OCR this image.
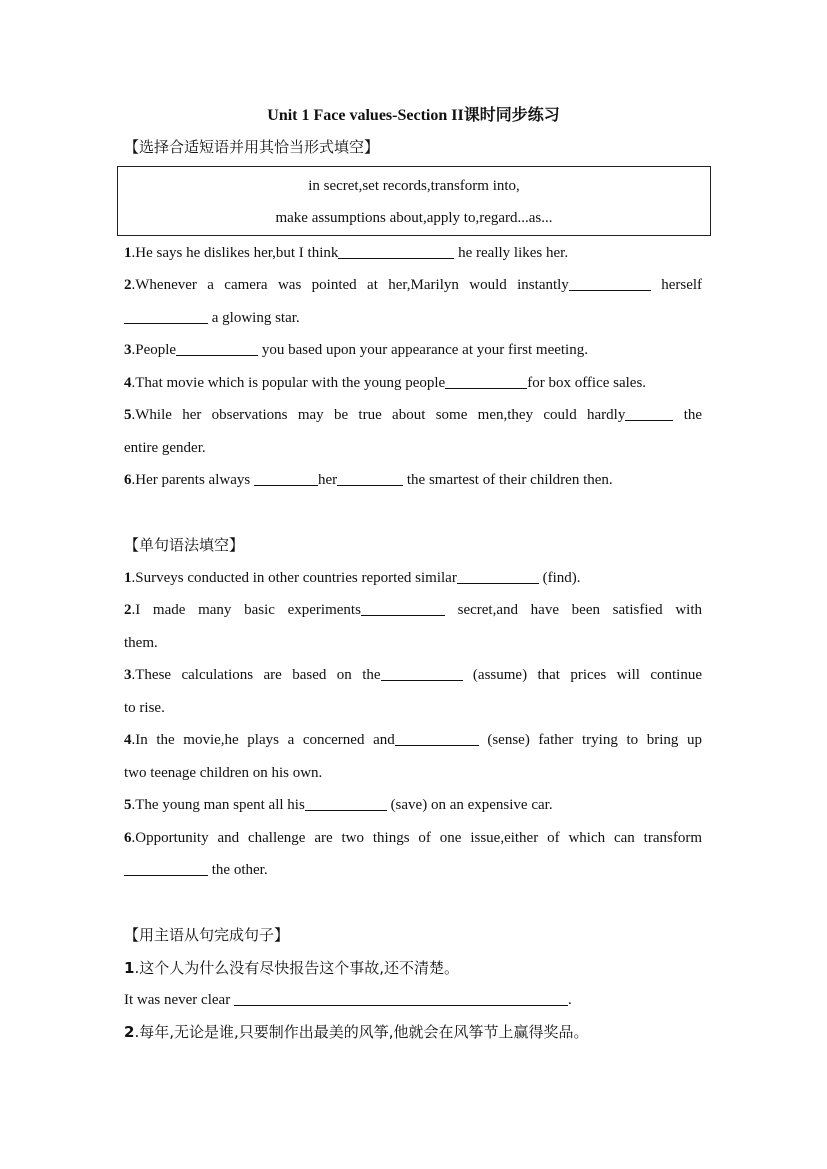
Unit 1 Face values-Section II课时同步练习
【选择合适短语并用其恰当形式填空】
in secret,set records,transform into,
make assumptions about,apply to,regard...as...
1.He says he dislikes her,but I think	he really likes her.
2.Whenever a camera was pointed at her,Marilyn would instantly	herself
a glowing star.
3.People	you based upon your appearance at your first meeting.
4.That movie which is popular with the young people	for box office sales.
5.While her observations may be true about some men,they could hardly	the
entire gender.
6.Her parents always	her	the smartest of their children then.
【单句语法填空】
1.Surveys conducted in other countries reported similar	(find).
2.I made many basic experiments	secret,and have been satisfied with
them.
3.These calculations are based on the	(assume) that prices will continue
to rise.
4.In the movie,he plays a concerned and	(sense) father trying to bring up
two teenage children on his own.
5.The young man spent all his	(save) on an expensive car.
6.Opportunity and challenge are two things of one issue,either of which can transform
the other.
【用主语从句完成句子】
1.这个人为什么没有尽快报告这个事故,还不清楚。
It was never clear	.
2.每年,无论是谁,只要制作出最美的风筝,他就会在风筝节上赢得奖品。
